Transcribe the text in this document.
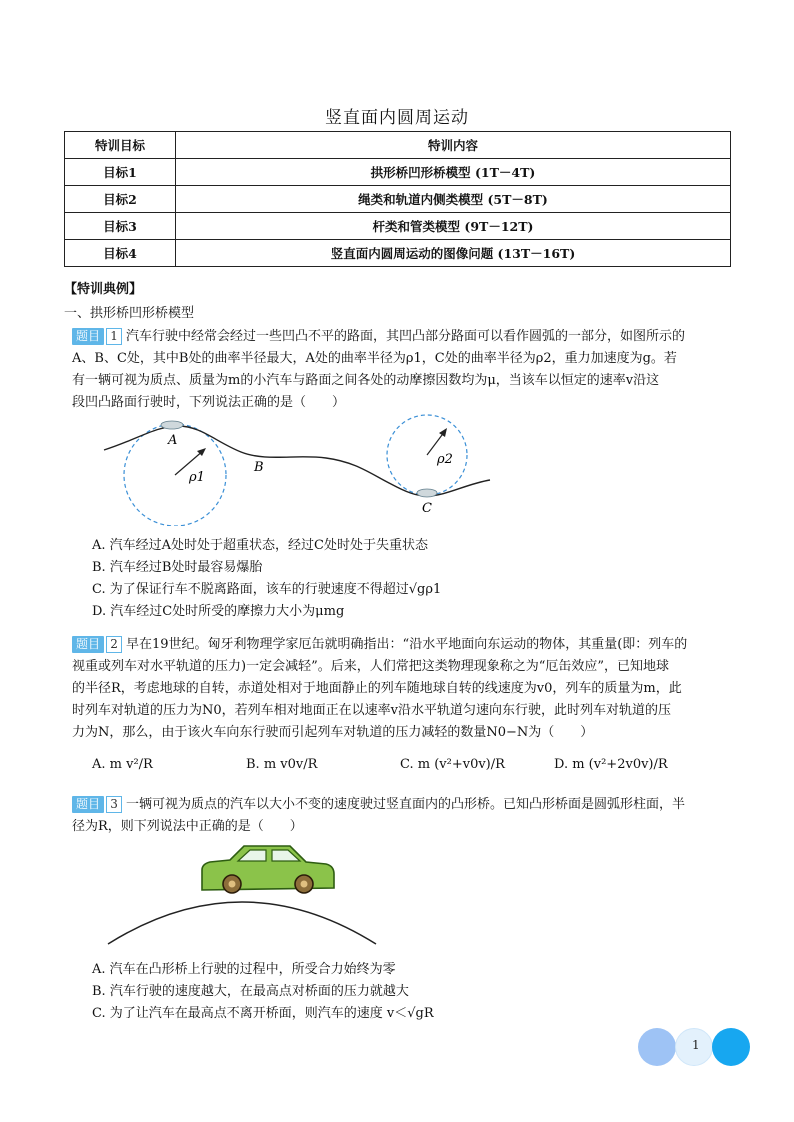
竖直面内圆周运动
特训目标	特训内容
目标1	拱形桥凹形桥模型 (1T－4T)
目标2	绳类和轨道内侧类模型 (5T－8T)
目标3	杆类和管类模型 (9T－12T)
目标4	竖直面内圆周运动的图像问题 (13T－16T)
【特训典例】
一、拱形桥凹形桥模型
题目 1 汽车行驶中经常会经过一些凹凸不平的路面，其凹凸部分路面可以看作圆弧的一部分，如图所示的
A、B、C处，其中B处的曲率半径最大，A处的曲率半径为ρ1，C处的曲率半径为ρ2，重力加速度为g。若
有一辆可视为质点、质量为m的小汽车与路面之间各处的动摩擦因数均为μ，当该车以恒定的速率v沿这
段凹凸路面行驶时，下列说法正确的是（　　）
A
B
C
ρ1
ρ2
A. 汽车经过A处时处于超重状态，经过C处时处于失重状态
B. 汽车经过B处时最容易爆胎
C. 为了保证行车不脱离路面，该车的行驶速度不得超过√gρ1
D. 汽车经过C处时所受的摩擦力大小为μmg
题目 2 早在19世纪。匈牙利物理学家厄缶就明确指出：“沿水平地面向东运动的物体，其重量(即：列车的
视重或列车对水平轨道的压力)一定会减轻”。后来，人们常把这类物理现象称之为“厄缶效应”，已知地球
的半径R，考虑地球的自转，赤道处相对于地面静止的列车随地球自转的线速度为v0，列车的质量为m，此
时列车对轨道的压力为N0，若列车相对地面正在以速率v沿水平轨道匀速向东行驶，此时列车对轨道的压
力为N，那么，由于该火车向东行驶而引起列车对轨道的压力减轻的数量N0−N为（　　）
A. m v²/R	B. m v0v/R	C. m (v²+v0v)/R	D. m (v²+2v0v)/R
题目 3 一辆可视为质点的汽车以大小不变的速度驶过竖直面内的凸形桥。已知凸形桥面是圆弧形柱面，半
径为R，则下列说法中正确的是（　　）
A. 汽车在凸形桥上行驶的过程中，所受合力始终为零
B. 汽车行驶的速度越大，在最高点对桥面的压力就越大
C. 为了让汽车在最高点不离开桥面，则汽车的速度 v＜√gR
1
